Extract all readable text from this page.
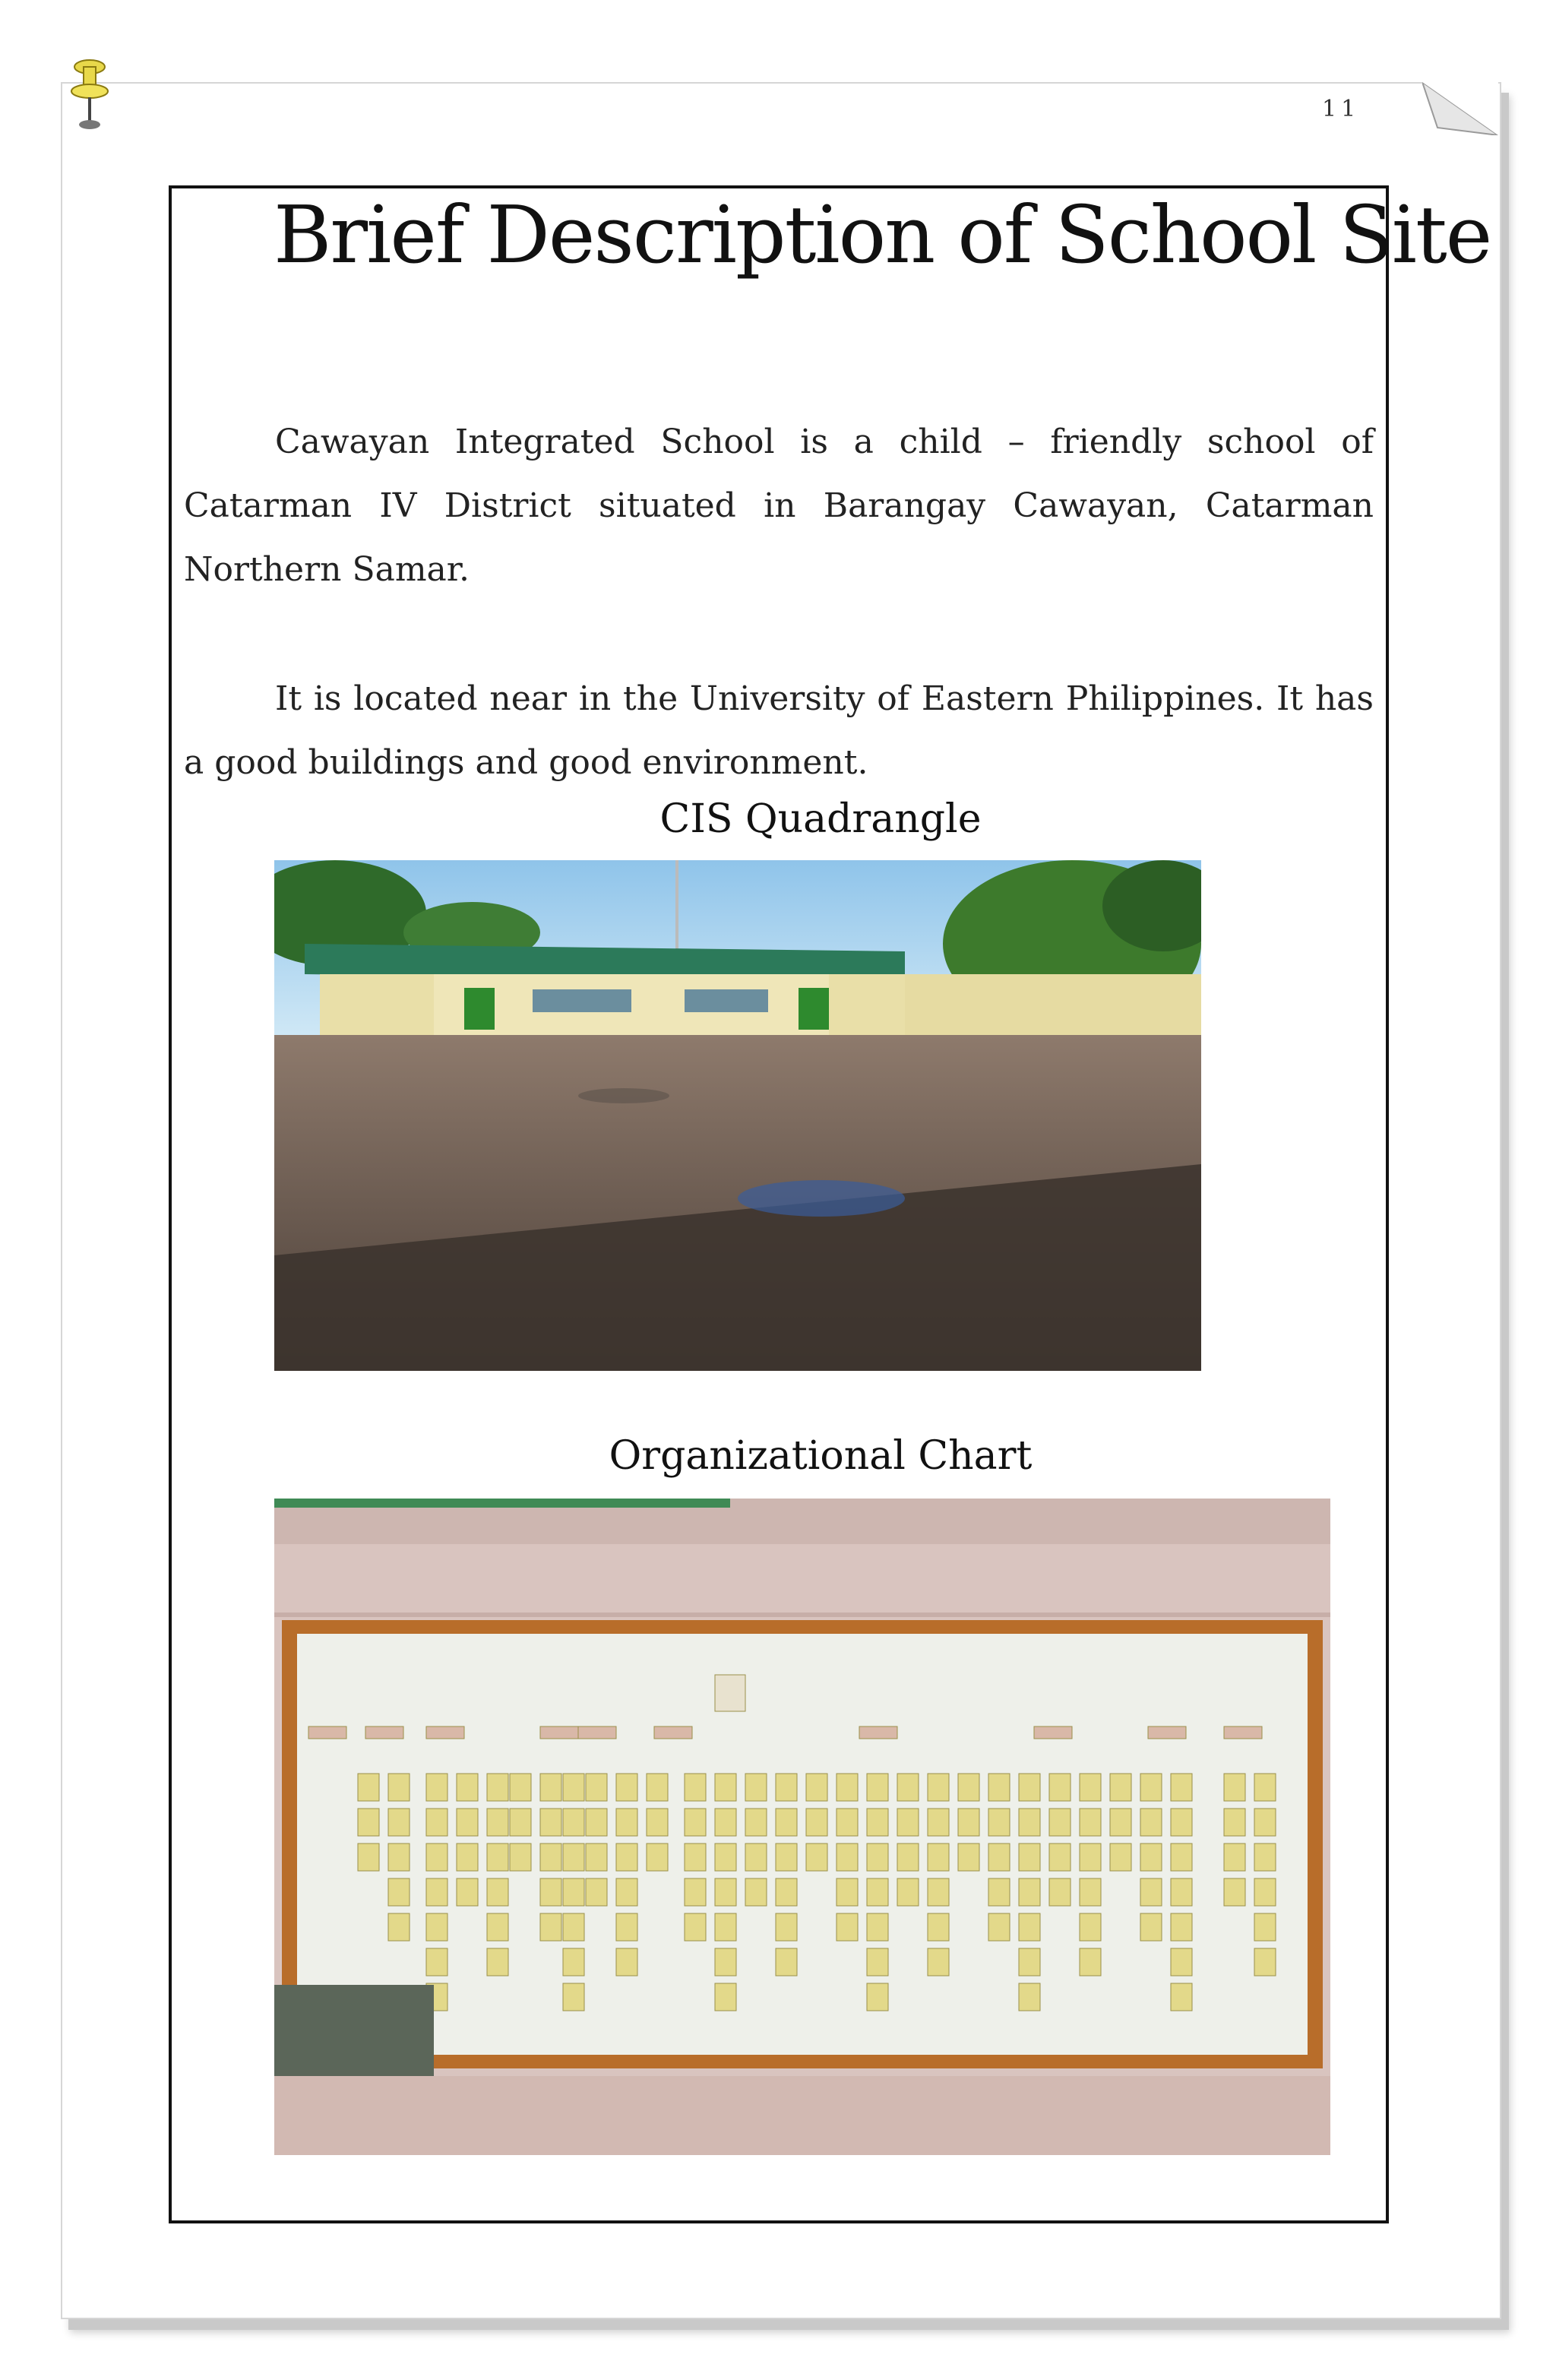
11
Brief Description of School Site

Cawayan Integrated School is a child – friendly school of Catarman IV District situated in Barangay Cawayan, Catarman Northern Samar.

It is located near in the University of Eastern Philippines. It has a good buildings and good environment.

CIS Quadrangle
Organizational Chart
